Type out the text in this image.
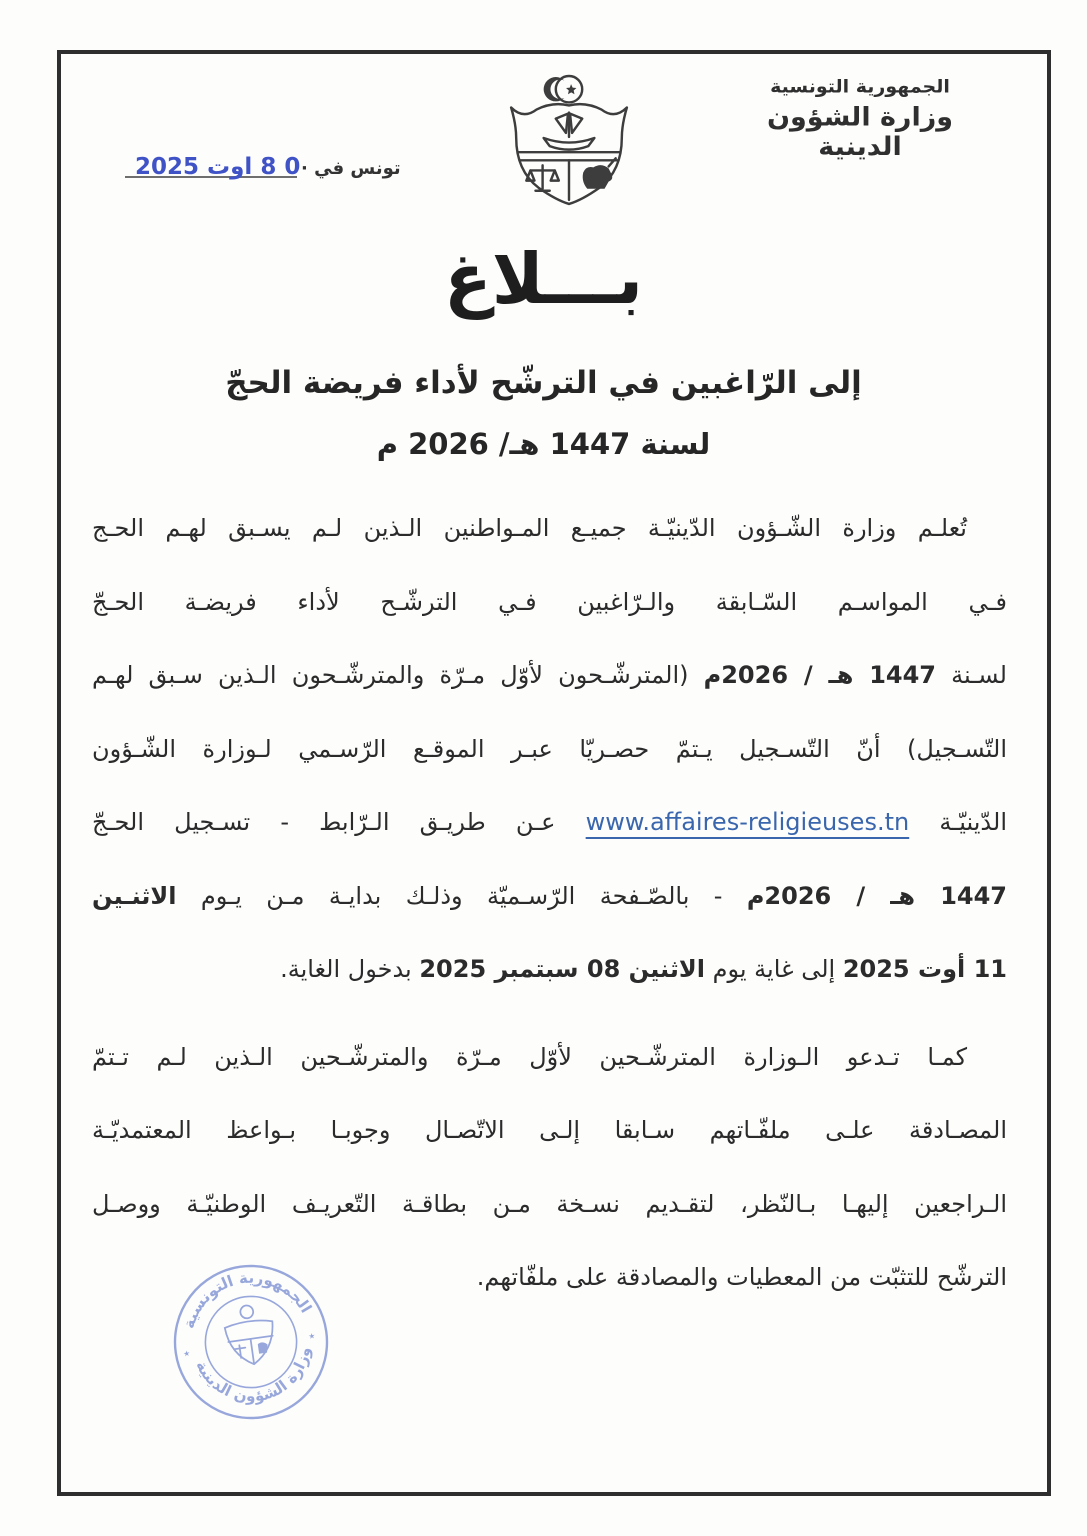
الجمهورية التونسية
وزارة الشؤون الدينية
0 8 اوت 2025 تونس في ·
بـــلاغ
إلى الرّاغبين في الترشّح لأداء فريضة الحجّ
لسنة 1447 هـ/ 2026 م
تُعلـم وزارة الشّـؤون الدّينيّـة جميـع المـواطنين الـذين لـم يسـبق لهـم الحـج
فـي المواسـم السّـابقة والـرّاغبين فـي الترشّـح لأداء فريضـة الحـجّ
لسـنة 1447 هـ / 2026م (المترشّـحون لأوّل مـرّة والمترشّـحون الـذين سـبق لهـم
التّسـجيل) أنّ التّسـجيل يـتمّ حصـريّا عبـر الموقـع الرّسـمي لـوزارة الشّـؤون
الدّينيّـة www.affaires-religieuses.tn عـن طريـق الـرّابط - تسـجيل الحـجّ
1447 هـ / 2026م - بالصّـفحة الرّسـميّة وذلـك بدايـة مـن يـوم الاثنـين
11 أوت 2025 إلى غاية يوم الاثنين 08 سبتمبر 2025 بدخول الغاية.
كمـا تـدعو الـوزارة المترشّـحين لأوّل مـرّة والمترشّـحين الـذين لـم تـتمّ
المصـادقة علـى ملفّـاتهم سـابقا إلـى الاتّصـال وجوبـا بـواعظ المعتمديّـة
الـراجعين إليهـا بـالنّظر، لتقـديم نسـخة مـن بطاقـة التّعريـف الوطنيّـة ووصـل
الترشّح للتثبّت من المعطيات والمصادقة على ملفّاتهم.
الجمهورية التونسية
وزارة الشؤون الدينية
٭
٭
